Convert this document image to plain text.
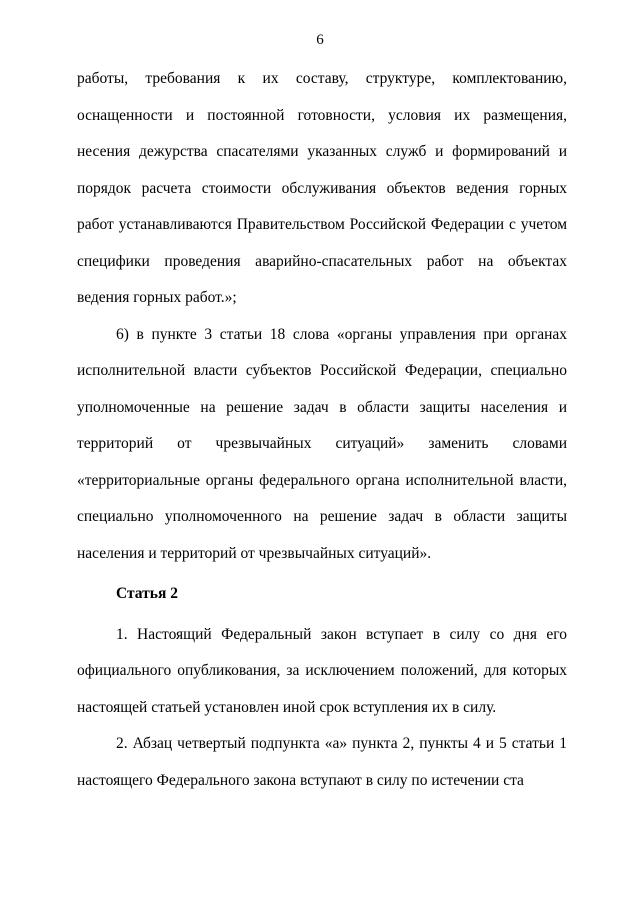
6

работы, требования к их составу, структуре, комплектованию, оснащенности и постоянной готовности, условия их размещения, несения дежурства спасателями указанных служб и формирований и порядок расчета стоимости обслуживания объектов ведения горных работ устанавливаются Правительством Российской Федерации с учетом специфики проведения аварийно-спасательных работ на объектах ведения горных работ.»;

6) в пункте 3 статьи 18 слова «органы управления при органах исполнительной власти субъектов Российской Федерации, специально уполномоченные на решение задач в области защиты населения и территорий от чрезвычайных ситуаций» заменить словами «территориальные органы федерального органа исполнительной власти, специально уполномоченного на решение задач в области защиты населения и территорий от чрезвычайных ситуаций».

Статья 2

1. Настоящий Федеральный закон вступает в силу со дня его официального опубликования, за исключением положений, для которых настоящей статьей установлен иной срок вступления их в силу.

2. Абзац четвертый подпункта «а» пункта 2, пункты 4 и 5 статьи 1 настоящего Федерального закона вступают в силу по истечении ста
